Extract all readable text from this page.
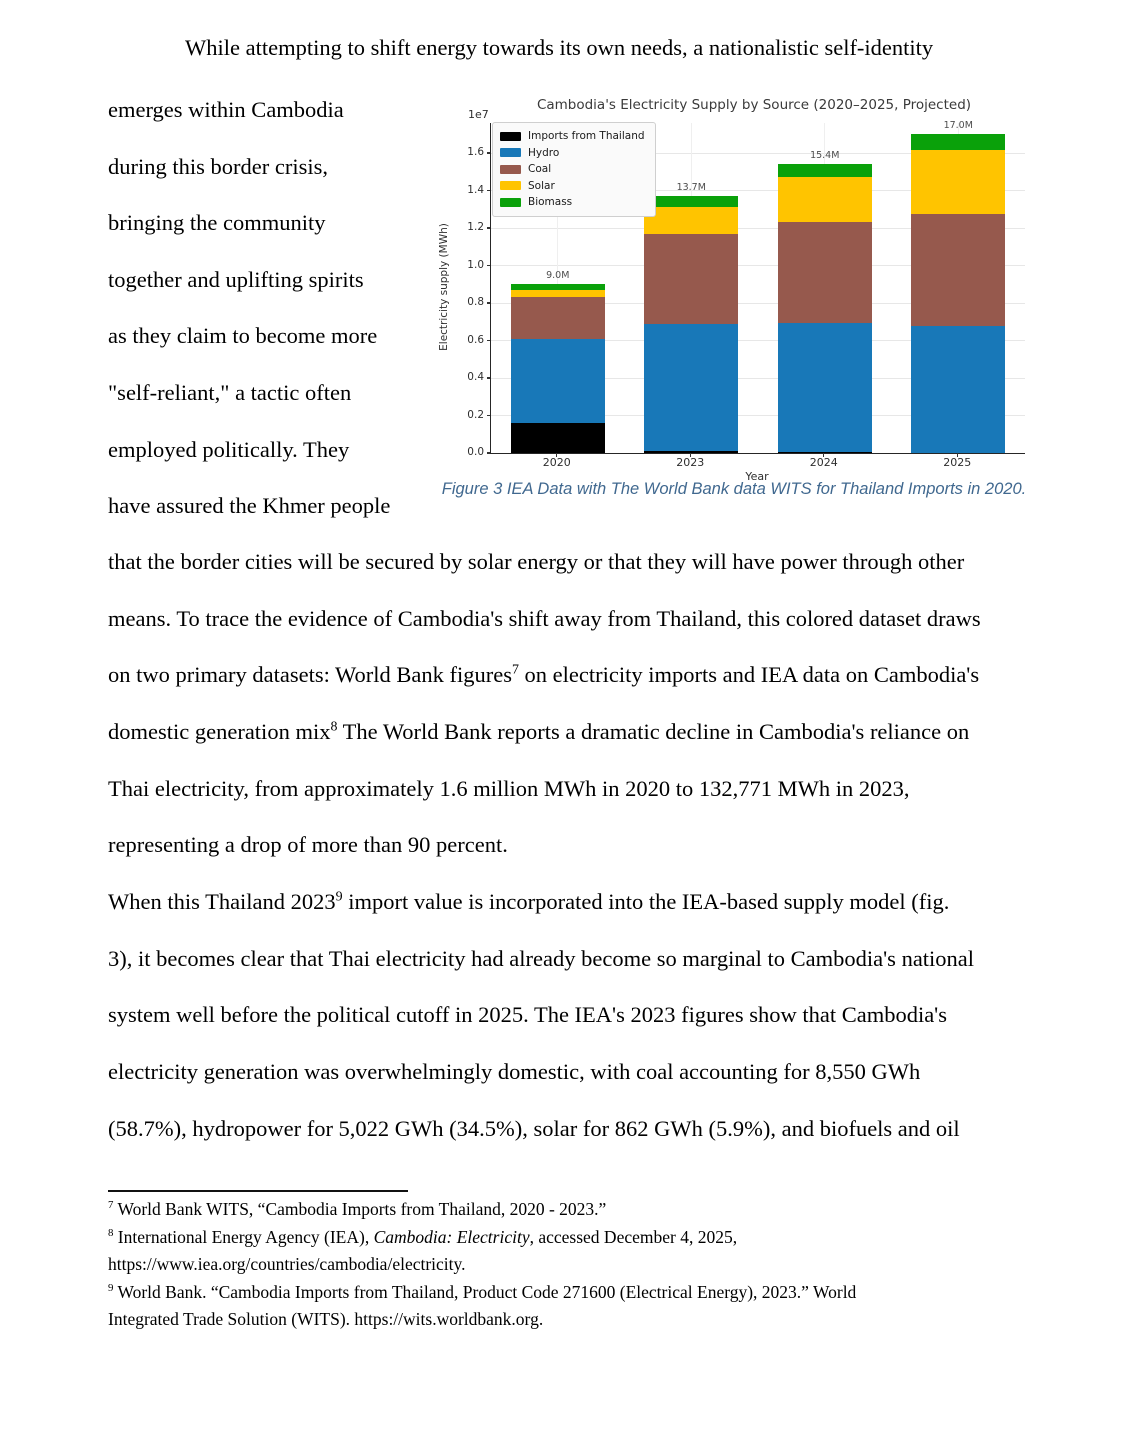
While attempting to shift energy towards its own needs, a nationalistic self-identity
emerges within Cambodia
during this border crisis,
bringing the community
together and uplifting spirits
as they claim to become more
"self-reliant," a tactic often
employed politically. They
have assured the Khmer people
Cambodia's Electricity Supply by Source (2020–2025, Projected)
1e7
Electricity supply (MWh)	9.0M
13.7M
15.4M
17.0M
Year
Imports from Thailand
Hydro
Coal
Solar
Biomass
0.0
0.2
0.4
0.6
0.8
1.0
1.2
1.4
1.6
2020	2023	2024	2025
Figure 3 IEA Data with The World Bank data WITS for Thailand Imports in 2020.
that the border cities will be secured by solar energy or that they will have power through other
means. To trace the evidence of Cambodia's shift away from Thailand, this colored dataset draws
on two primary datasets: World Bank figures$^7$ on electricity imports and IEA data on Cambodia's
domestic generation mix$^8$ The World Bank reports a dramatic decline in Cambodia's reliance on
Thai electricity, from approximately 1.6 million MWh in 2020 to 132,771 MWh in 2023,
representing a drop of more than 90 percent.
When this Thailand 2023$^9$ import value is incorporated into the IEA-based supply model (fig.
3), it becomes clear that Thai electricity had already become so marginal to Cambodia's national
system well before the political cutoff in 2025. The IEA's 2023 figures show that Cambodia's
electricity generation was overwhelmingly domestic, with coal accounting for 8,550 GWh
(58.7%), hydropower for 5,022 GWh (34.5%), solar for 862 GWh (5.9%), and biofuels and oil
$^7$ World Bank WITS, “Cambodia Imports from Thailand, 2020 - 2023.”
$^8$ International Energy Agency (IEA), Cambodia: Electricity, accessed December 4, 2025,
https://www.iea.org/countries/cambodia/electricity.
$^9$ World Bank. “Cambodia Imports from Thailand, Product Code 271600 (Electrical Energy), 2023.” World
Integrated Trade Solution (WITS). https://wits.worldbank.org.
